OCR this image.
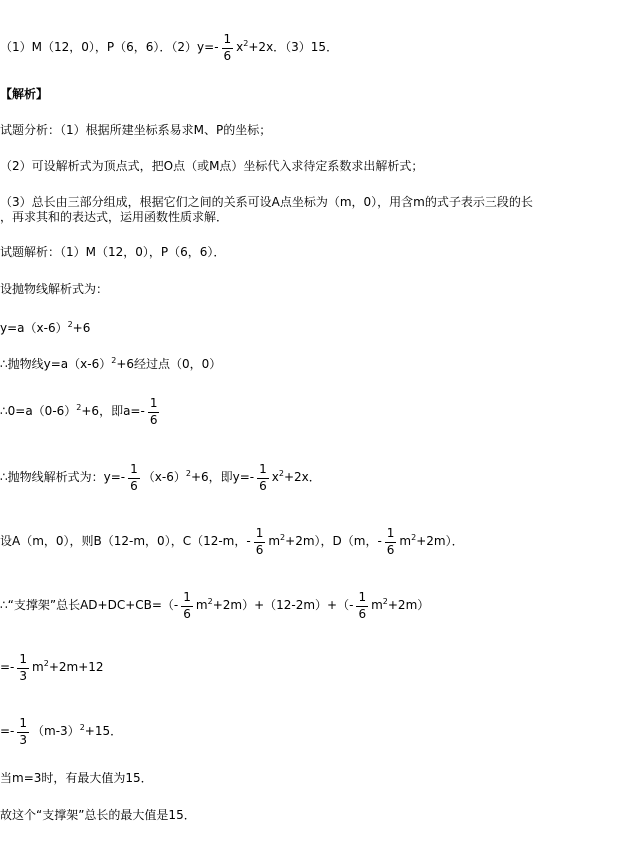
（1）M（12，0），P（6，6）．$(2)y=- \frac{1}{6} x^2+2x$．（3）15．
【解析】
试题分析：（1）根据所建坐标系易求M、P的坐标；
（2）可设解析式为顶点式，把O点（或M点）坐标代入求待定系数求出解析式；
（3）总长由三部分组成，根据它们之间的关系可设A点坐标为（m，0），用含m的式子表示三段的长
，再求其和的表达式，运用函数性质求解．
试题解析：（1）M（12，0），P（6，6）．
设抛物线解析式为：
$y=a(x-6)^2+6$
∴抛物线$y=a(x-6)^2+6$经过点（0，0）
$\therefore 0=a(0-6)^2+6$，即$a=- \frac{1}{6}$
∴抛物线解析式为：$y=- \frac{1}{6} (x-6)^2+6$，即$y=- \frac{1}{6} x^2+2x$．
设A（m，0），则B（12-m，0），C（12-m，- $\frac{1}{6} m^2+2m$），D（m，- $\frac{1}{6} m^2+2m$）．
∴“支撑架”总长$AD+DC+CB=(- \frac{1}{6} m^2+2m)+(12-2m)+(- \frac{1}{6} m^2+2m)$
=- $\frac{1}{3} m^2+2m+12$
=- $\frac{1}{3} (m-3)^2+15$．
当m=3时，有最大值为15．
故这个“支撑架”总长的最大值是15．
